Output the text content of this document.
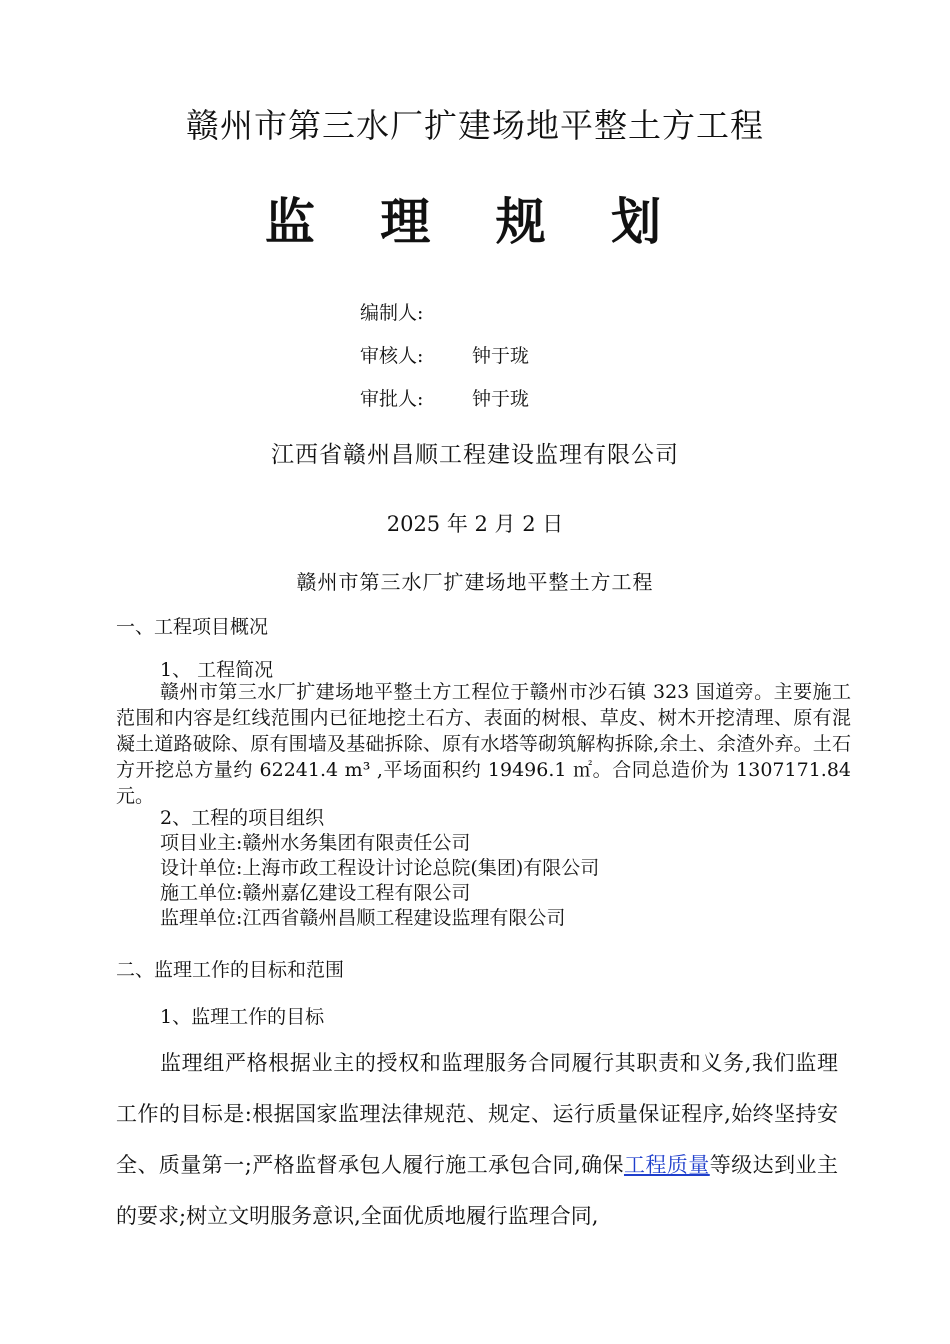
赣州市第三水厂扩建场地平整土方工程
监 理 规 划
编制人:
审核人:	钟于珑
审批人:	钟于珑
江西省赣州昌顺工程建设监理有限公司
2025 年 2 月 2 日
赣州市第三水厂扩建场地平整土方工程
一、工程项目概况
1、 工程简况
赣州市第三水厂扩建场地平整土方工程位于赣州市沙石镇 323 国道旁。主要施工范围和内容是红线范围内已征地挖土石方、表面的树根、草皮、树木开挖清理、原有混凝土道路破除、原有围墙及基础拆除、原有水塔等砌筑解构拆除,余土、余渣外弃。土石方开挖总方量约 62241.4 m³ ,平场面积约 19496.1 ㎡。合同总造价为 1307171.84 元。
2、工程的项目组织
项目业主:赣州水务集团有限责任公司
设计单位:上海市政工程设计讨论总院(集团)有限公司
施工单位:赣州嘉亿建设工程有限公司
监理单位:江西省赣州昌顺工程建设监理有限公司
二、监理工作的目标和范围
1、监理工作的目标
监理组严格根据业主的授权和监理服务合同履行其职责和义务,我们监理工作的目标是:根据国家监理法律规范、规定、运行质量保证程序,始终坚持安全、质量第一;严格监督承包人履行施工承包合同,确保工程质量等级达到业主的要求;树立文明服务意识,全面优质地履行监理合同,
